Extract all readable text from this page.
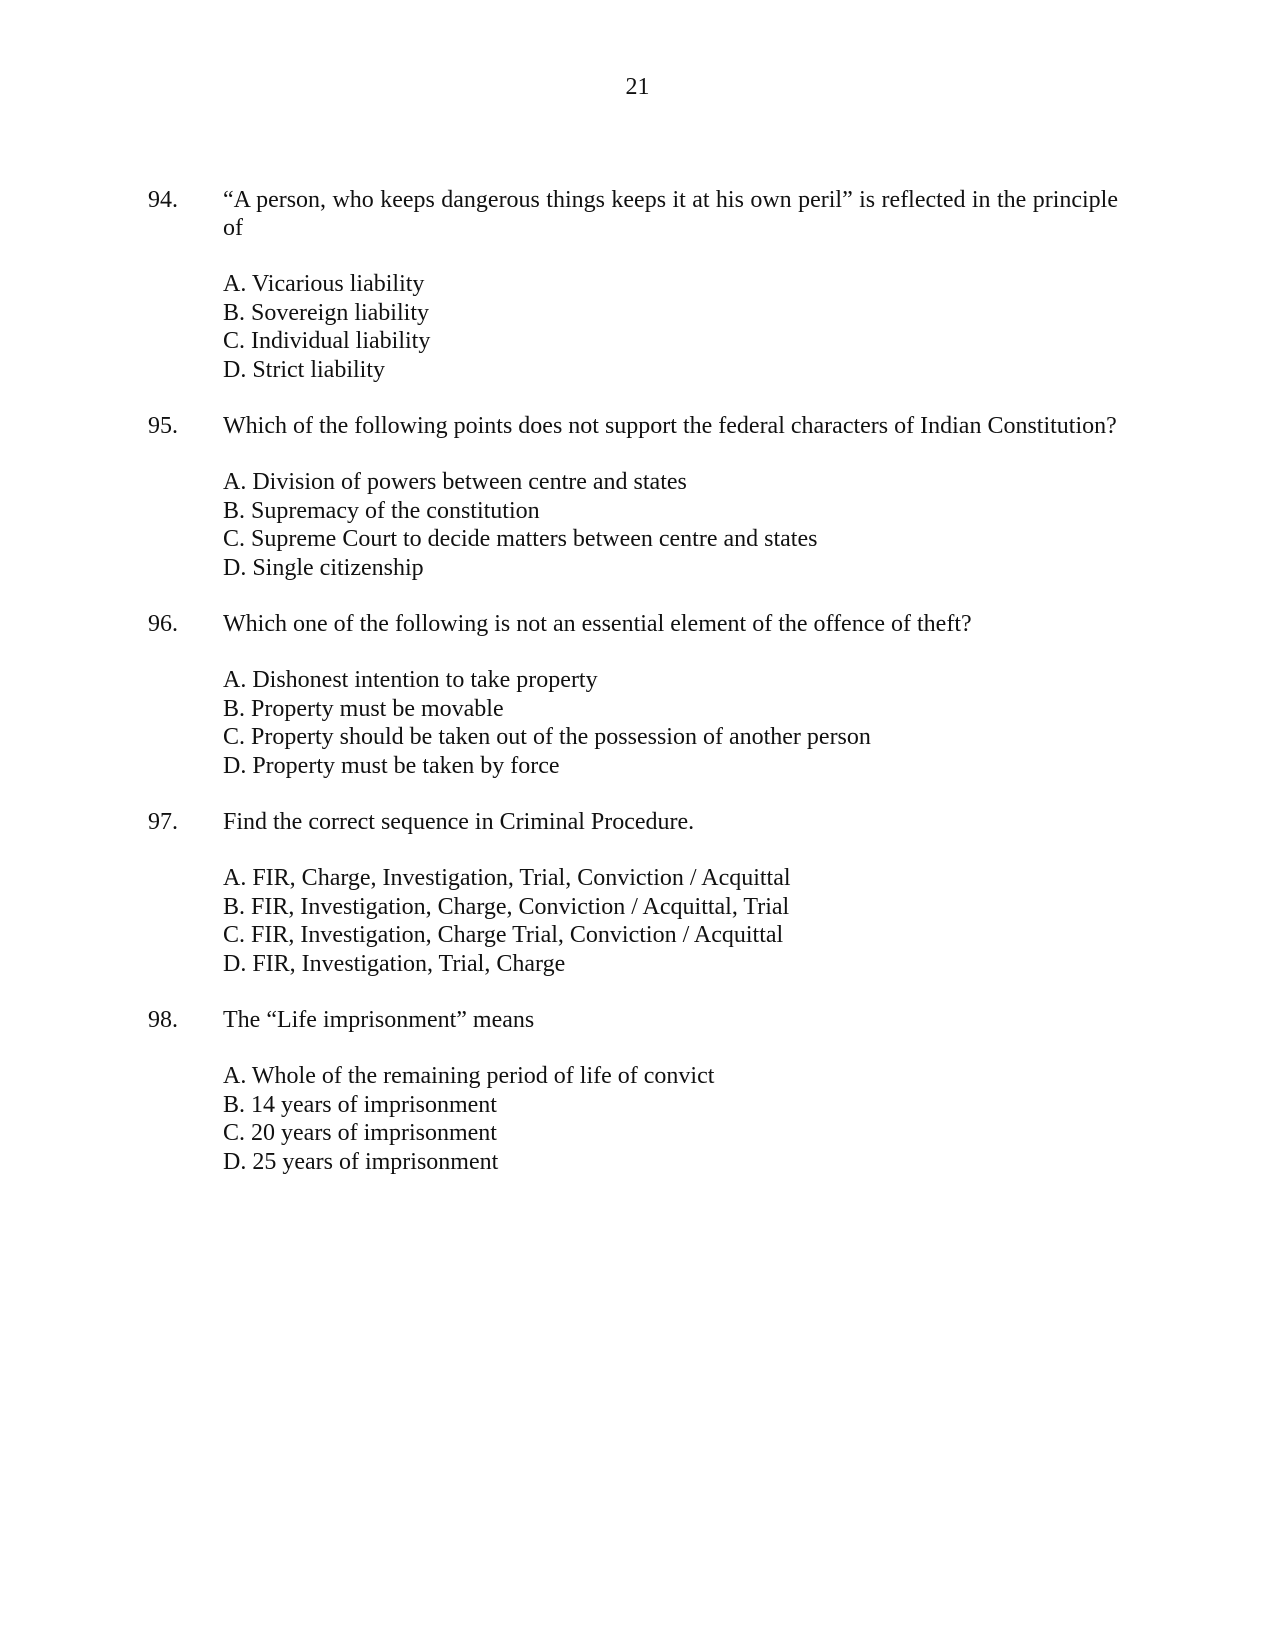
21
94.	“A person, who keeps dangerous things keeps it at his own peril” is reflected in the principle of
A. Vicarious liability
B. Sovereign liability
C. Individual liability
D. Strict liability
95.	Which of the following points does not support the federal characters of Indian Constitution?
A. Division of powers between centre and states
B. Supremacy of the constitution
C. Supreme Court to decide matters between centre and states
D. Single citizenship
96.	Which one of the following is not an essential element of the offence of theft?
A. Dishonest intention to take property
B. Property must be movable
C. Property should be taken out of the possession of another person
D. Property must be taken by force
97.	Find the correct sequence in Criminal Procedure.
A. FIR, Charge, Investigation, Trial, Conviction / Acquittal
B. FIR, Investigation, Charge, Conviction / Acquittal, Trial
C. FIR, Investigation, Charge Trial, Conviction / Acquittal
D. FIR, Investigation, Trial, Charge
98.	The “Life imprisonment” means
A. Whole of the remaining period of life of convict
B. 14 years of imprisonment
C. 20 years of imprisonment
D. 25 years of imprisonment
